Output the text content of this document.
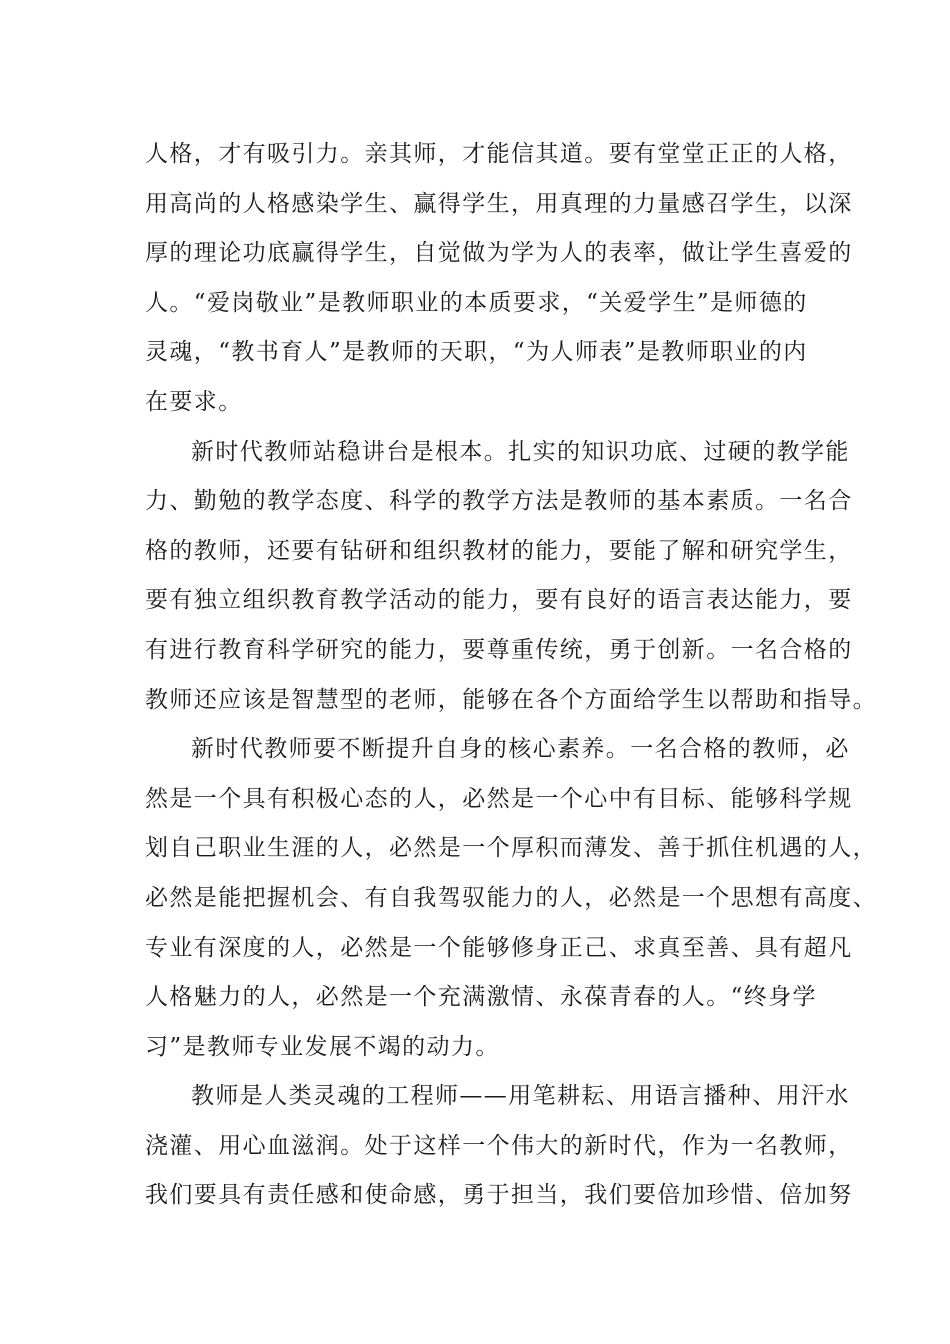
人格，才有吸引力。亲其师，才能信其道。要有堂堂正正的人格，
用高尚的人格感染学生、赢得学生，用真理的力量感召学生，以深
厚的理论功底赢得学生，自觉做为学为人的表率，做让学生喜爱的
人。“爱岗敬业”是教师职业的本质要求，“关爱学生”是师德的
灵魂，“教书育人”是教师的天职，“为人师表”是教师职业的内
在要求。
新时代教师站稳讲台是根本。扎实的知识功底、过硬的教学能
力、勤勉的教学态度、科学的教学方法是教师的基本素质。一名合
格的教师，还要有钻研和组织教材的能力，要能了解和研究学生，
要有独立组织教育教学活动的能力，要有良好的语言表达能力，要
有进行教育科学研究的能力，要尊重传统，勇于创新。一名合格的
教师还应该是智慧型的老师，能够在各个方面给学生以帮助和指导。
新时代教师要不断提升自身的核心素养。一名合格的教师，必
然是一个具有积极心态的人，必然是一个心中有目标、能够科学规
划自己职业生涯的人，必然是一个厚积而薄发、善于抓住机遇的人，
必然是能把握机会、有自我驾驭能力的人，必然是一个思想有高度、
专业有深度的人，必然是一个能够修身正己、求真至善、具有超凡
人格魅力的人，必然是一个充满激情、永葆青春的人。“终身学
习”是教师专业发展不竭的动力。
教师是人类灵魂的工程师——用笔耕耘、用语言播种、用汗水
浇灌、用心血滋润。处于这样一个伟大的新时代，作为一名教师，
我们要具有责任感和使命感，勇于担当，我们要倍加珍惜、倍加努
